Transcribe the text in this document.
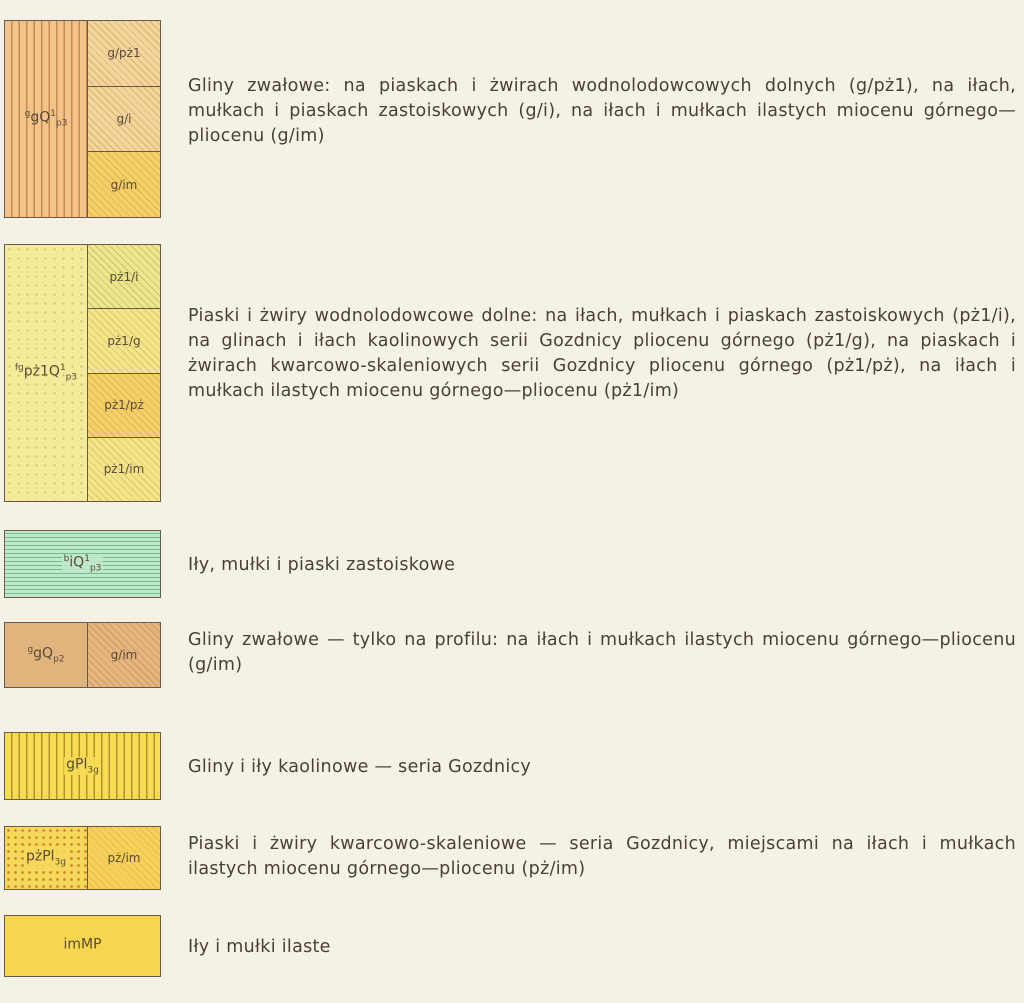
$^ggQ^1_{p3}$
g/pż1
g/i
g/im

Gliny zwałowe: na piaskach i żwirach wodnolodowcowych dolnych (g/pż1), na iłach, mułkach i piaskach zastoiskowych (g/i), na iłach i mułkach ilastych miocenu górnego—pliocenu (g/im)

$^{fg}pż1Q^1_{p3}$
pż1/i
pż1/g
pż1/pż
pż1/im

Piaski i żwiry wodnolodowcowe dolne: na iłach, mułkach i piaskach zastoiskowych (pż1/i), na glinach i iłach kaolinowych serii Gozdnicy pliocenu górnego (pż1/g), na piaskach i żwirach kwarcowo-skaleniowych serii Gozdnicy pliocenu górnego (pż1/pż), na iłach i mułkach ilastych miocenu górnego—pliocenu (pż1/im)

$^biQ^1_{p3}$	Iły, mułki i piaski zastoiskowe

$^ggQ_{p2}$	g/im

Gliny zwałowe — tylko na profilu: na iłach i mułkach ilastych miocenu górnego—pliocenu (g/im)

gPl$_{3g}$	Gliny i iły kaolinowe — seria Gozdnicy

pżPl$_{3g}$	pż/im

Piaski i żwiry kwarcowo-skaleniowe — seria Gozdnicy, miejscami na iłach i mułkach ilastych miocenu górnego—pliocenu (pż/im)

imMP	Iły i mułki ilaste
